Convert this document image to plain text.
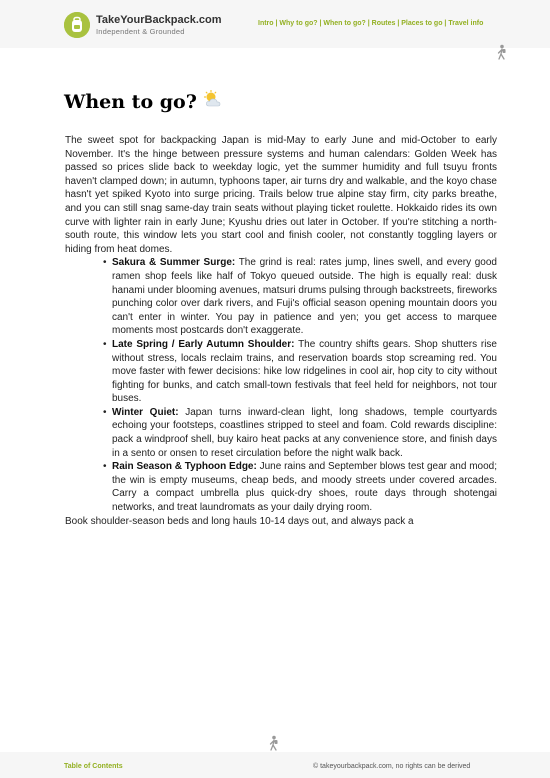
TakeYourBackpack.com
Independent & Grounded
Intro | Why to go? | When to go? | Routes | Places to go | Travel info
When to go?

The sweet spot for backpacking Japan is mid-May to early June and mid-October to early November. It's the hinge between pressure systems and human calendars: Golden Week has passed so prices slide back to weekday logic, yet the summer humidity and full tsuyu fronts haven't clamped down; in autumn, typhoons taper, air turns dry and walkable, and the koyo chase hasn't yet spiked Kyoto into surge pricing. Trails below true alpine stay firm, city parks breathe, and you can still snag same-day train seats without playing ticket roulette. Hokkaido rides its own curve with lighter rain in early June; Kyushu dries out later in October. If you're stitching a north-south route, this window lets you start cool and finish cooler, not constantly toggling layers or hiding from heat domes.

• Sakura & Summer Surge: The grind is real: rates jump, lines swell, and every good ramen shop feels like half of Tokyo queued outside. The high is equally real: dusk hanami under blooming avenues, matsuri drums pulsing through backstreets, fireworks punching color over dark rivers, and Fuji's official season opening mountain doors you can't enter in winter. You pay in patience and yen; you get access to marquee moments most postcards don't exaggerate.
• Late Spring / Early Autumn Shoulder: The country shifts gears. Shop shutters rise without stress, locals reclaim trains, and reservation boards stop screaming red. You move faster with fewer decisions: hike low ridgelines in cool air, hop city to city without fighting for bunks, and catch small-town festivals that feel held for neighbors, not tour buses.
• Winter Quiet: Japan turns inward-clean light, long shadows, temple courtyards echoing your footsteps, coastlines stripped to steel and foam. Cold rewards discipline: pack a windproof shell, buy kairo heat packs at any convenience store, and finish days in a sento or onsen to reset circulation before the night walk back.
• Rain Season & Typhoon Edge: June rains and September blows test gear and mood; the win is empty museums, cheap beds, and moody streets under covered arcades. Carry a compact umbrella plus quick-dry shoes, route days through shotengai networks, and treat laundromats as your daily drying room.

Book shoulder-season beds and long hauls 10-14 days out, and always pack a

Table of Contents	© takeyourbackpack.com, no rights can be derived
